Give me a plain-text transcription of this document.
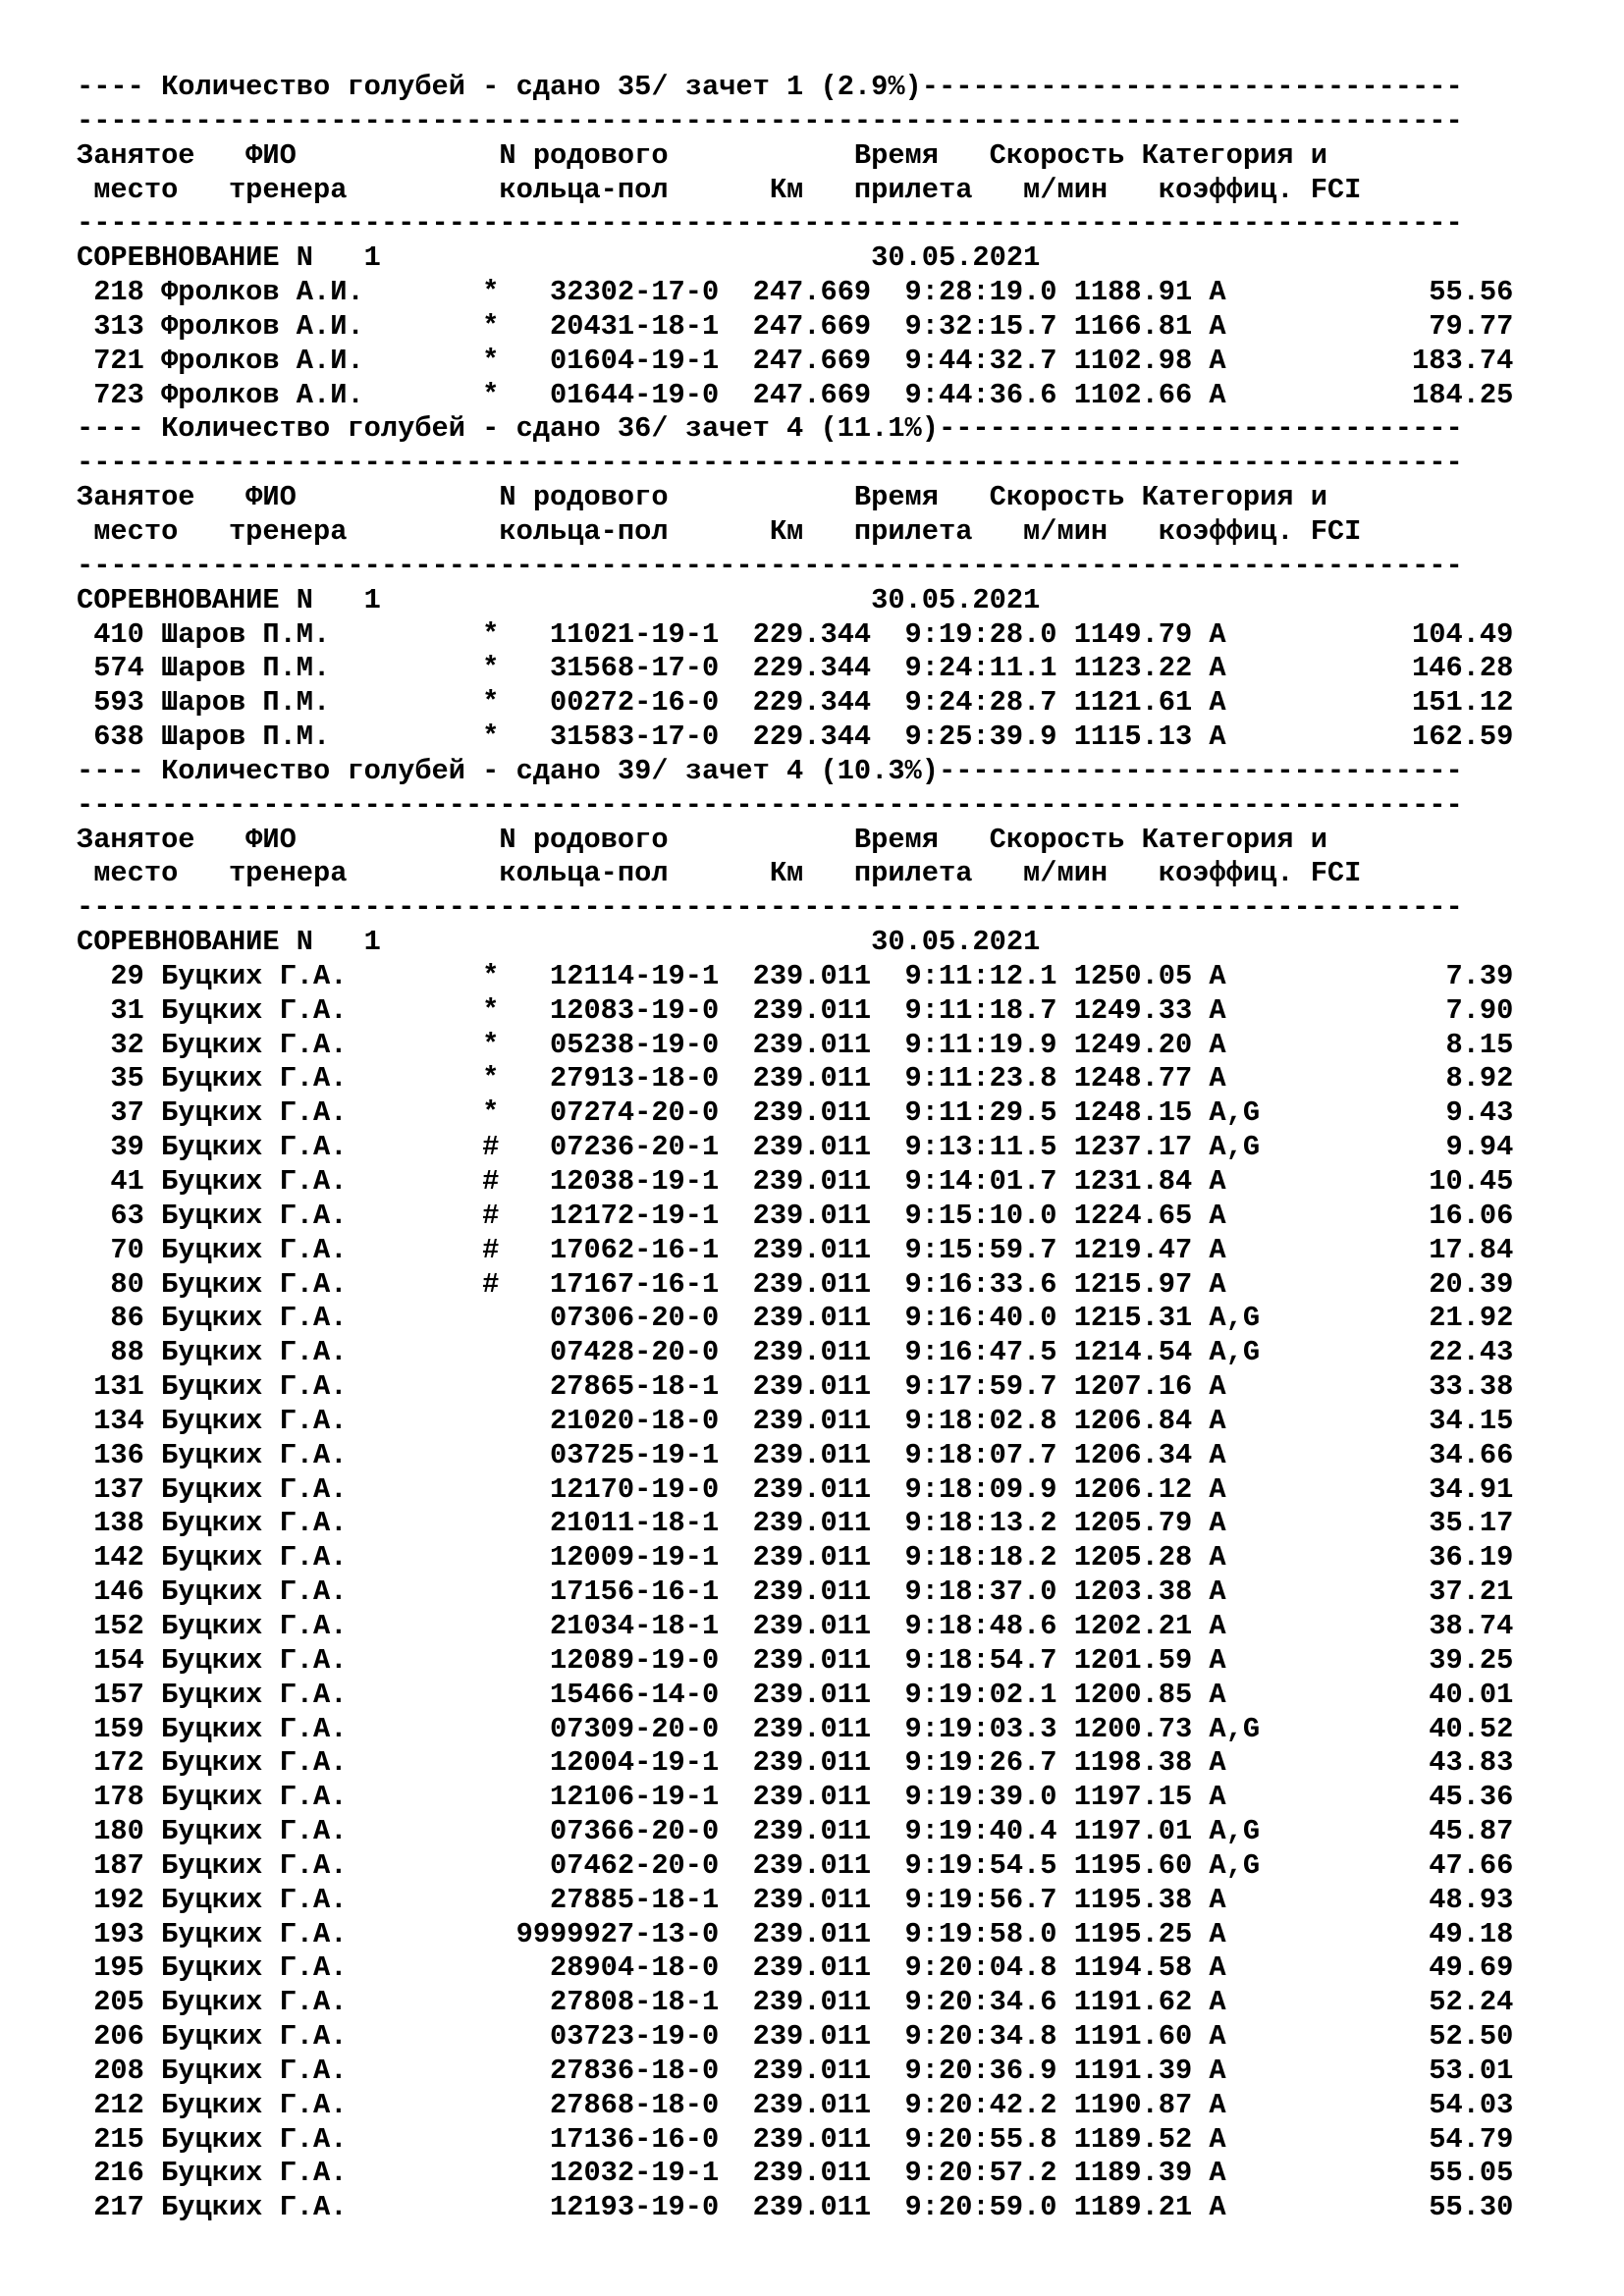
---- Количество голубей - сдано 35/ зачет 1 (2.9%)--------------------------------
----------------------------------------------------------------------------------
Занятое   ФИО            N родового           Время   Скорость Категория и
место   тренера         кольца-пол      Км   прилета   м/мин   коэффиц. FCI
----------------------------------------------------------------------------------
СОРЕВНОВАНИЕ N   1                             30.05.2021
218 Фролков А.И.       *   32302-17-0  247.669  9:28:19.0 1188.91 A            55.56
313 Фролков А.И.       *   20431-18-1  247.669  9:32:15.7 1166.81 A            79.77
721 Фролков А.И.       *   01604-19-1  247.669  9:44:32.7 1102.98 A           183.74
723 Фролков А.И.       *   01644-19-0  247.669  9:44:36.6 1102.66 A           184.25
---- Количество голубей - сдано 36/ зачет 4 (11.1%)-------------------------------
----------------------------------------------------------------------------------
Занятое   ФИО            N родового           Время   Скорость Категория и
место   тренера         кольца-пол      Км   прилета   м/мин   коэффиц. FCI
----------------------------------------------------------------------------------
СОРЕВНОВАНИЕ N   1                             30.05.2021
410 Шаров П.М.         *   11021-19-1  229.344  9:19:28.0 1149.79 A           104.49
574 Шаров П.М.         *   31568-17-0  229.344  9:24:11.1 1123.22 A           146.28
593 Шаров П.М.         *   00272-16-0  229.344  9:24:28.7 1121.61 A           151.12
638 Шаров П.М.         *   31583-17-0  229.344  9:25:39.9 1115.13 A           162.59
---- Количество голубей - сдано 39/ зачет 4 (10.3%)-------------------------------
----------------------------------------------------------------------------------
Занятое   ФИО            N родового           Время   Скорость Категория и
место   тренера         кольца-пол      Км   прилета   м/мин   коэффиц. FCI
----------------------------------------------------------------------------------
СОРЕВНОВАНИЕ N   1                             30.05.2021
29 Буцких Г.А.        *   12114-19-1  239.011  9:11:12.1 1250.05 A             7.39
31 Буцких Г.А.        *   12083-19-0  239.011  9:11:18.7 1249.33 A             7.90
32 Буцких Г.А.        *   05238-19-0  239.011  9:11:19.9 1249.20 A             8.15
35 Буцких Г.А.        *   27913-18-0  239.011  9:11:23.8 1248.77 A             8.92
37 Буцких Г.А.        *   07274-20-0  239.011  9:11:29.5 1248.15 A,G           9.43
39 Буцких Г.А.        #   07236-20-1  239.011  9:13:11.5 1237.17 A,G           9.94
41 Буцких Г.А.        #   12038-19-1  239.011  9:14:01.7 1231.84 A            10.45
63 Буцких Г.А.        #   12172-19-1  239.011  9:15:10.0 1224.65 A            16.06
70 Буцких Г.А.        #   17062-16-1  239.011  9:15:59.7 1219.47 A            17.84
80 Буцких Г.А.        #   17167-16-1  239.011  9:16:33.6 1215.97 A            20.39
86 Буцких Г.А.            07306-20-0  239.011  9:16:40.0 1215.31 A,G          21.92
88 Буцких Г.А.            07428-20-0  239.011  9:16:47.5 1214.54 A,G          22.43
131 Буцких Г.А.            27865-18-1  239.011  9:17:59.7 1207.16 A            33.38
134 Буцких Г.А.            21020-18-0  239.011  9:18:02.8 1206.84 A            34.15
136 Буцких Г.А.            03725-19-1  239.011  9:18:07.7 1206.34 A            34.66
137 Буцких Г.А.            12170-19-0  239.011  9:18:09.9 1206.12 A            34.91
138 Буцких Г.А.            21011-18-1  239.011  9:18:13.2 1205.79 A            35.17
142 Буцких Г.А.            12009-19-1  239.011  9:18:18.2 1205.28 A            36.19
146 Буцких Г.А.            17156-16-1  239.011  9:18:37.0 1203.38 A            37.21
152 Буцких Г.А.            21034-18-1  239.011  9:18:48.6 1202.21 A            38.74
154 Буцких Г.А.            12089-19-0  239.011  9:18:54.7 1201.59 A            39.25
157 Буцких Г.А.            15466-14-0  239.011  9:19:02.1 1200.85 A            40.01
159 Буцких Г.А.            07309-20-0  239.011  9:19:03.3 1200.73 A,G          40.52
172 Буцких Г.А.            12004-19-1  239.011  9:19:26.7 1198.38 A            43.83
178 Буцких Г.А.            12106-19-1  239.011  9:19:39.0 1197.15 A            45.36
180 Буцких Г.А.            07366-20-0  239.011  9:19:40.4 1197.01 A,G          45.87
187 Буцких Г.А.            07462-20-0  239.011  9:19:54.5 1195.60 A,G          47.66
192 Буцких Г.А.            27885-18-1  239.011  9:19:56.7 1195.38 A            48.93
193 Буцких Г.А.          9999927-13-0  239.011  9:19:58.0 1195.25 A            49.18
195 Буцких Г.А.            28904-18-0  239.011  9:20:04.8 1194.58 A            49.69
205 Буцких Г.А.            27808-18-1  239.011  9:20:34.6 1191.62 A            52.24
206 Буцких Г.А.            03723-19-0  239.011  9:20:34.8 1191.60 A            52.50
208 Буцких Г.А.            27836-18-0  239.011  9:20:36.9 1191.39 A            53.01
212 Буцких Г.А.            27868-18-0  239.011  9:20:42.2 1190.87 A            54.03
215 Буцких Г.А.            17136-16-0  239.011  9:20:55.8 1189.52 A            54.79
216 Буцких Г.А.            12032-19-1  239.011  9:20:57.2 1189.39 A            55.05
217 Буцких Г.А.            12193-19-0  239.011  9:20:59.0 1189.21 A            55.30
